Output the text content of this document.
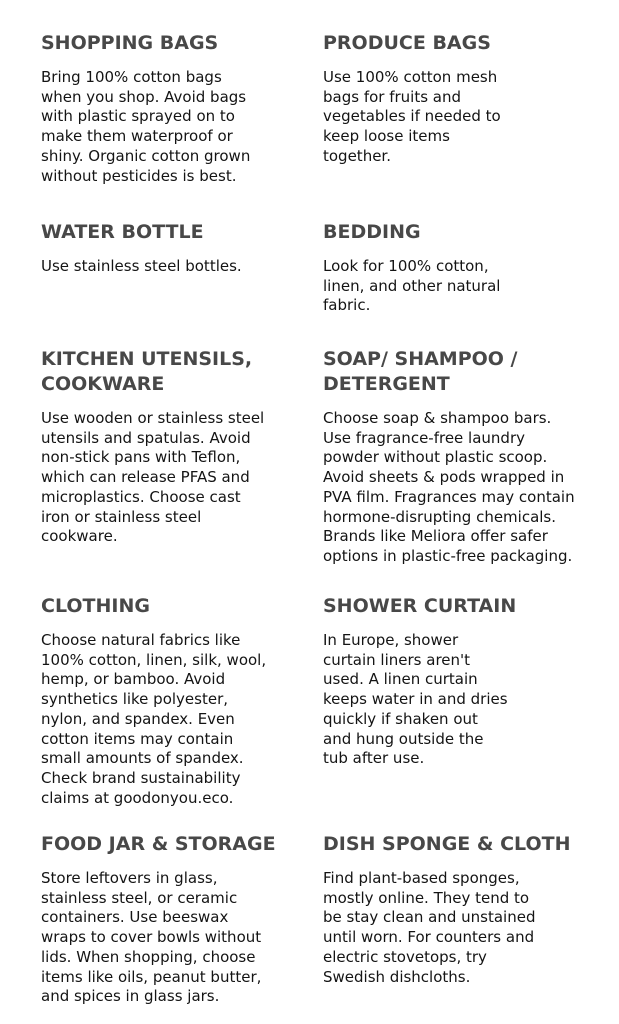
SHOPPING BAGS

Bring 100% cotton bags
when you shop. Avoid bags
with plastic sprayed on to
make them waterproof or
shiny. Organic cotton grown
without pesticides is best.

PRODUCE BAGS

Use 100% cotton mesh
bags for fruits and
vegetables if needed to
keep loose items
together.

WATER BOTTLE

Use stainless steel bottles.

BEDDING

Look for 100% cotton,
linen, and other natural
fabric.

KITCHEN UTENSILS,
COOKWARE

Use wooden or stainless steel
utensils and spatulas. Avoid
non-stick pans with Teflon,
which can release PFAS and
microplastics. Choose cast
iron or stainless steel
cookware.

SOAP/ SHAMPOO /
DETERGENT

Choose soap & shampoo bars.
Use fragrance-free laundry
powder without plastic scoop.
Avoid sheets & pods wrapped in
PVA film. Fragrances may contain
hormone-disrupting chemicals.
Brands like Meliora offer safer
options in plastic-free packaging.

CLOTHING

Choose natural fabrics like
100% cotton, linen, silk, wool,
hemp, or bamboo. Avoid
synthetics like polyester,
nylon, and spandex. Even
cotton items may contain
small amounts of spandex.
Check brand sustainability
claims at goodonyou.eco.

SHOWER CURTAIN

In Europe, shower
curtain liners aren't
used. A linen curtain
keeps water in and dries
quickly if shaken out
and hung outside the
tub after use.

FOOD JAR & STORAGE

Store leftovers in glass,
stainless steel, or ceramic
containers. Use beeswax
wraps to cover bowls without
lids. When shopping, choose
items like oils, peanut butter,
and spices in glass jars.

DISH SPONGE & CLOTH

Find plant-based sponges,
mostly online. They tend to
be stay clean and unstained
until worn. For counters and
electric stovetops, try
Swedish dishcloths.
